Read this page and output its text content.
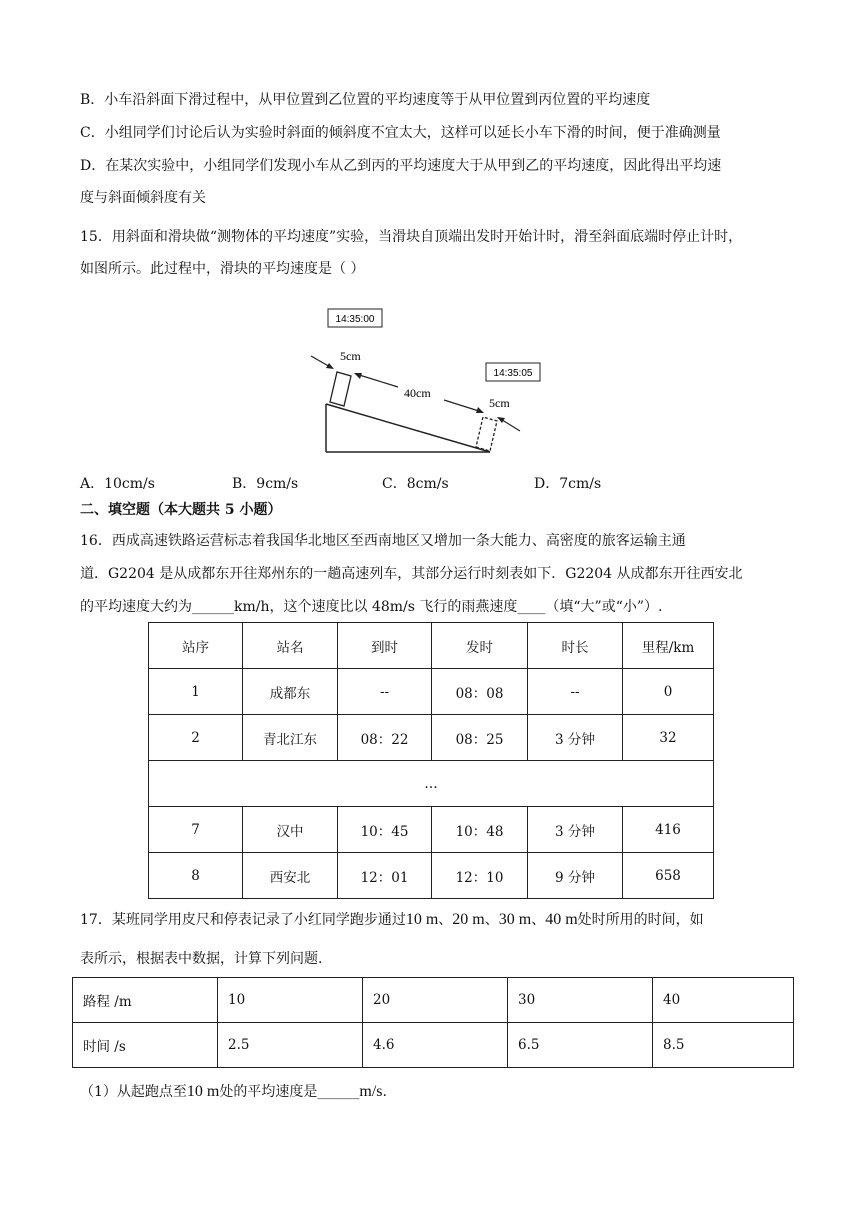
B．小车沿斜面下滑过程中，从甲位置到乙位置的平均速度等于从甲位置到丙位置的平均速度
C．小组同学们讨论后认为实验时斜面的倾斜度不宜太大，这样可以延长小车下滑的时间，便于准确测量
D．在某次实验中，小组同学们发现小车从乙到丙的平均速度大于从甲到乙的平均速度，因此得出平均速
度与斜面倾斜度有关
15．用斜面和滑块做“测物体的平均速度”实验，当滑块自顶端出发时开始计时，滑至斜面底端时停止计时，
如图所示。此过程中，滑块的平均速度是（ ）
14:35:00
14:35:05
5cm
40cm
5cm
A．10cm/s	B．9cm/s	C．8cm/s	D．7cm/s
二、填空题（本大题共 5 小题）
16．西成高速铁路运营标志着我国华北地区至西南地区又增加一条大能力、高密度的旅客运输主通
道．G2204 是从成都东开往郑州东的一趟高速列车，其部分运行时刻表如下．G2204 从成都东开往西安北
的平均速度大约为______km/h，这个速度比以 48m/s 飞行的雨燕速度____（填“大”或“小”）.
站序	站名	到时	发时	时长	里程/km
1	成都东	--	08：08	--	0
2	青北江东	08：22	08：25	3 分钟	32
…					
7	汉中	10：45	10：48	3 分钟	416
8	西安北	12：01	12：10	9 分钟	658
17．某班同学用皮尺和停表记录了小红同学跑步通过10 m、20 m、30 m、40 m处时所用的时间，如
表所示，根据表中数据，计算下列问题.
路程 /m	10	20	30	40
时间 /s	2.5	4.6	6.5	8.5
（1）从起跑点至10 m处的平均速度是______m/s.
